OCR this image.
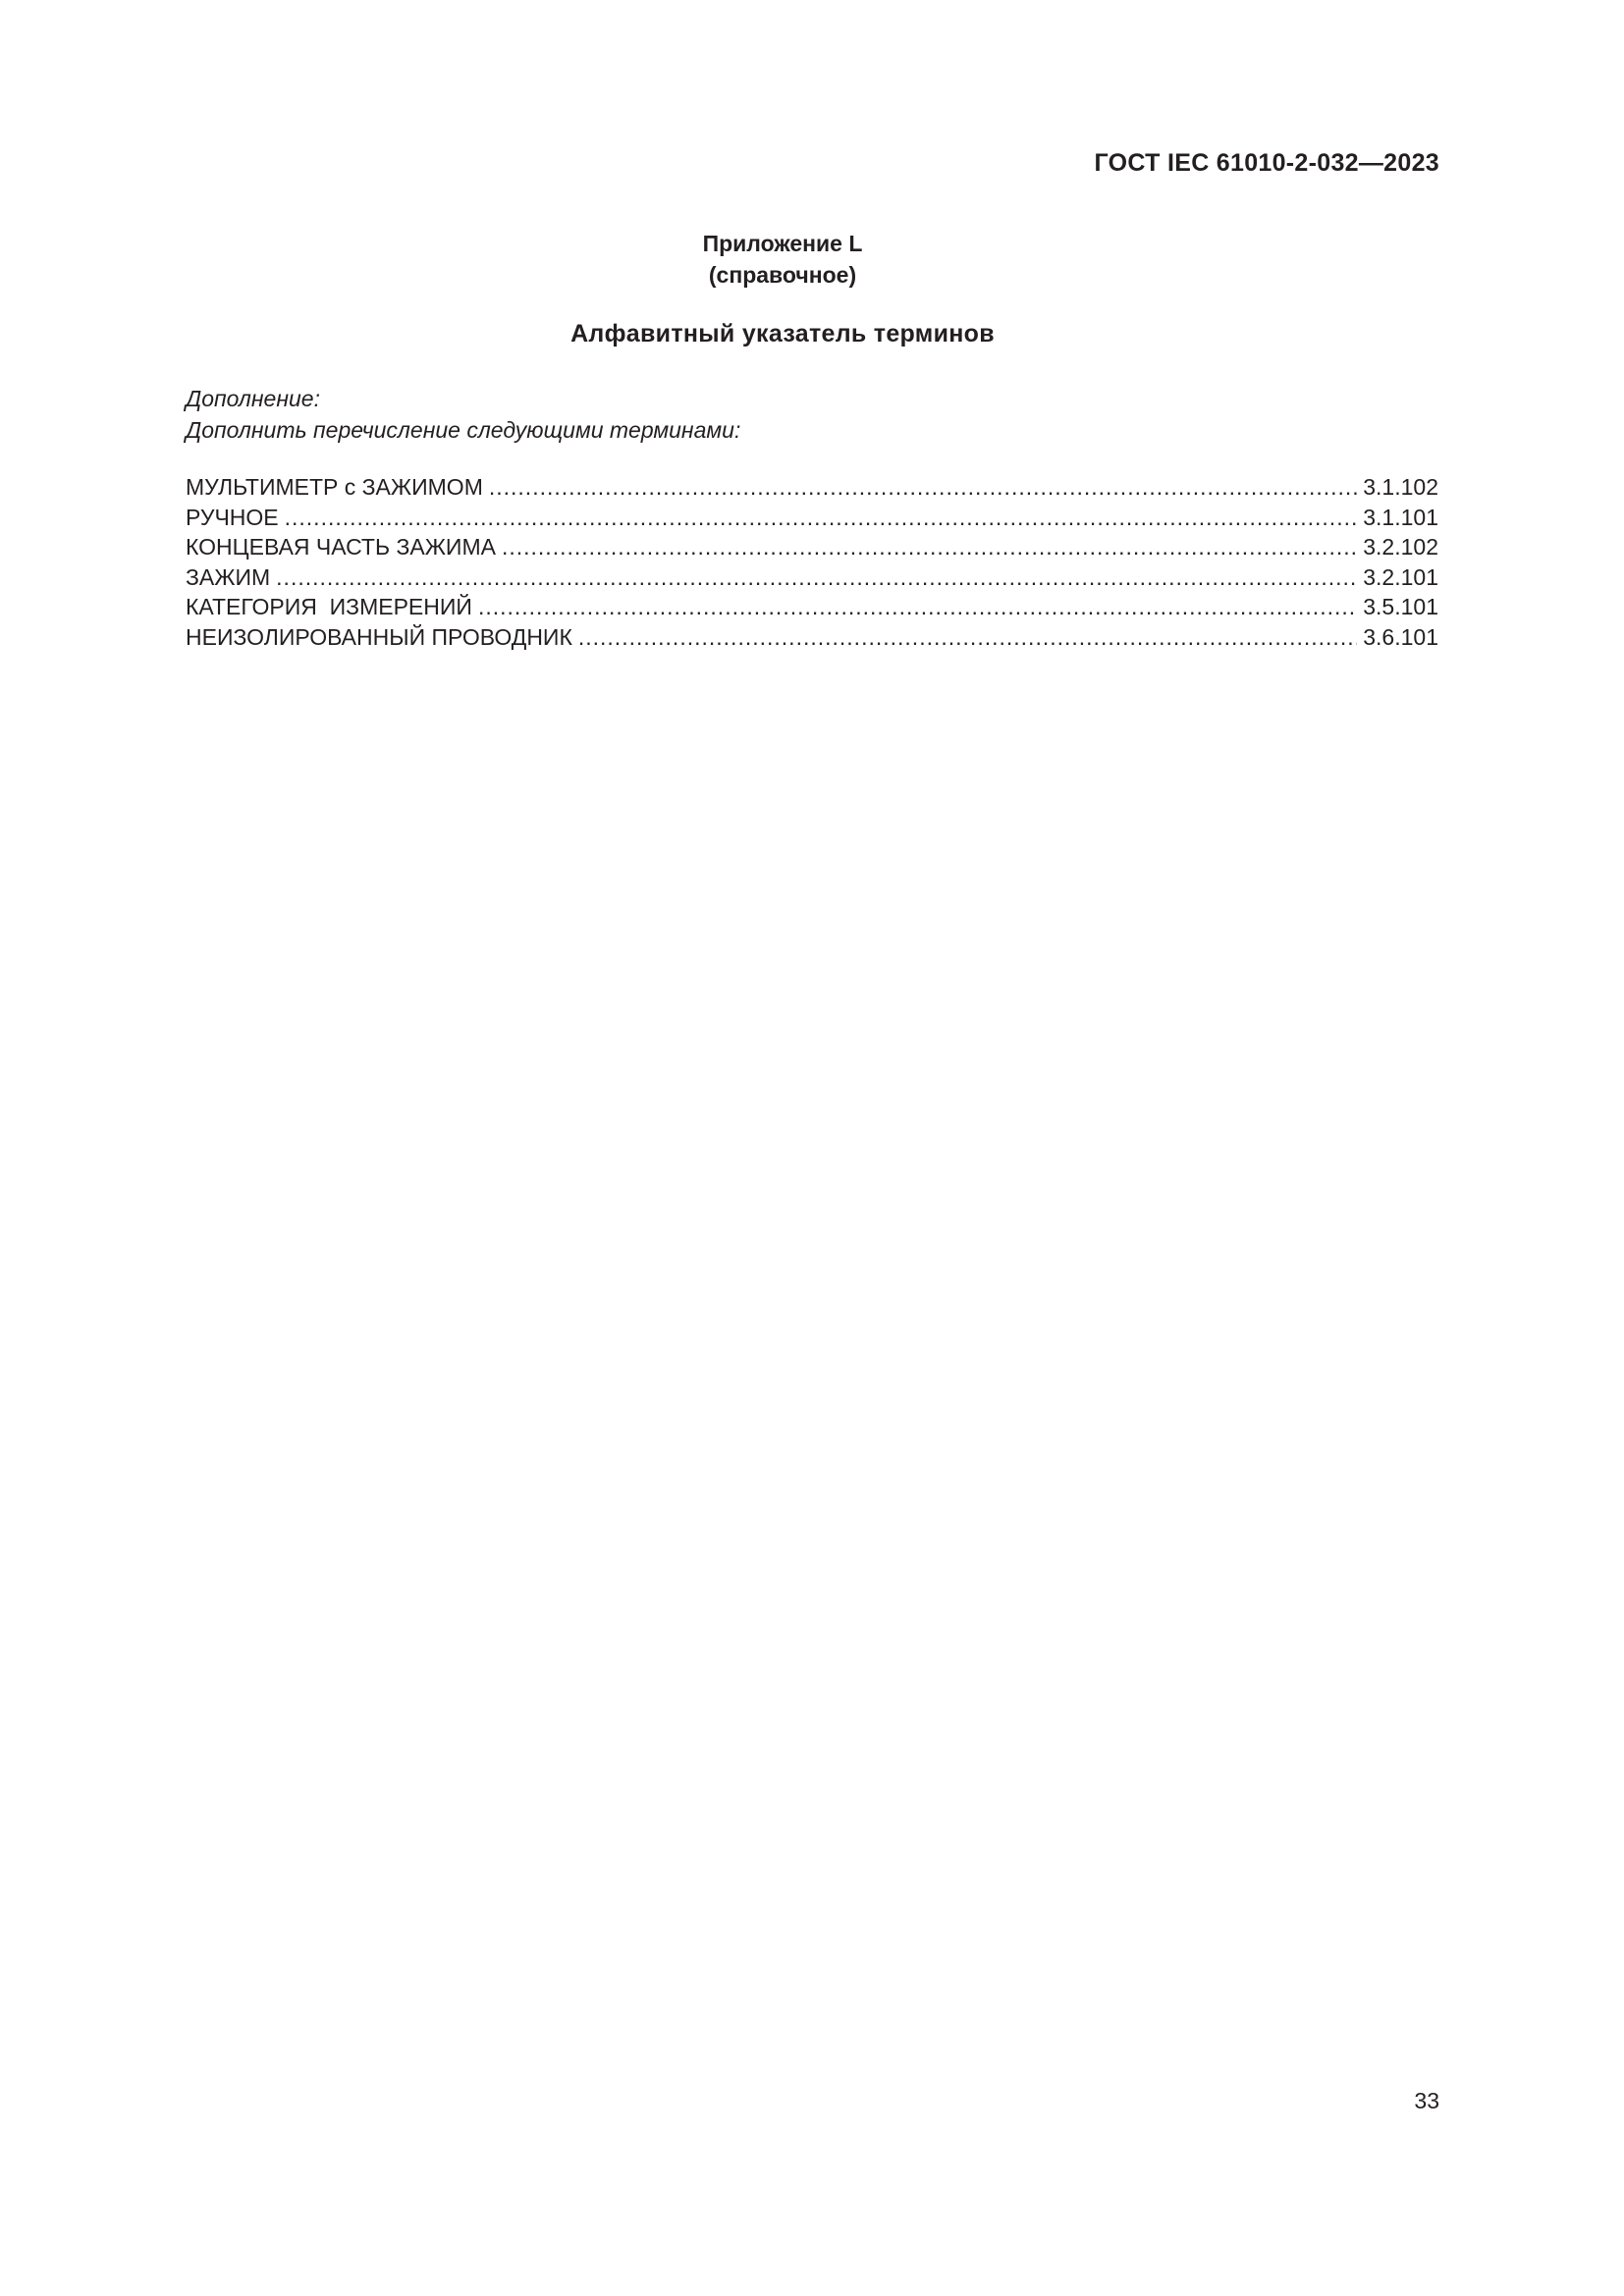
ГОСТ IEC 61010-2-032—2023
Приложение L
(справочное)
Алфавитный указатель терминов
Дополнение:
Дополнить перечисление следующими терминами:
МУЛЬТИМЕТР с ЗАЖИМОМ .....	3.1.102
РУЧНОЕ .....	3.1.101
КОНЦЕВАЯ ЧАСТЬ ЗАЖИМА .....	3.2.102
ЗАЖИМ .....	3.2.101
КАТЕГОРИЯ  ИЗМЕРЕНИЙ .....	3.5.101
НЕИЗОЛИРОВАННЫЙ ПРОВОДНИК .....	3.6.101
33
